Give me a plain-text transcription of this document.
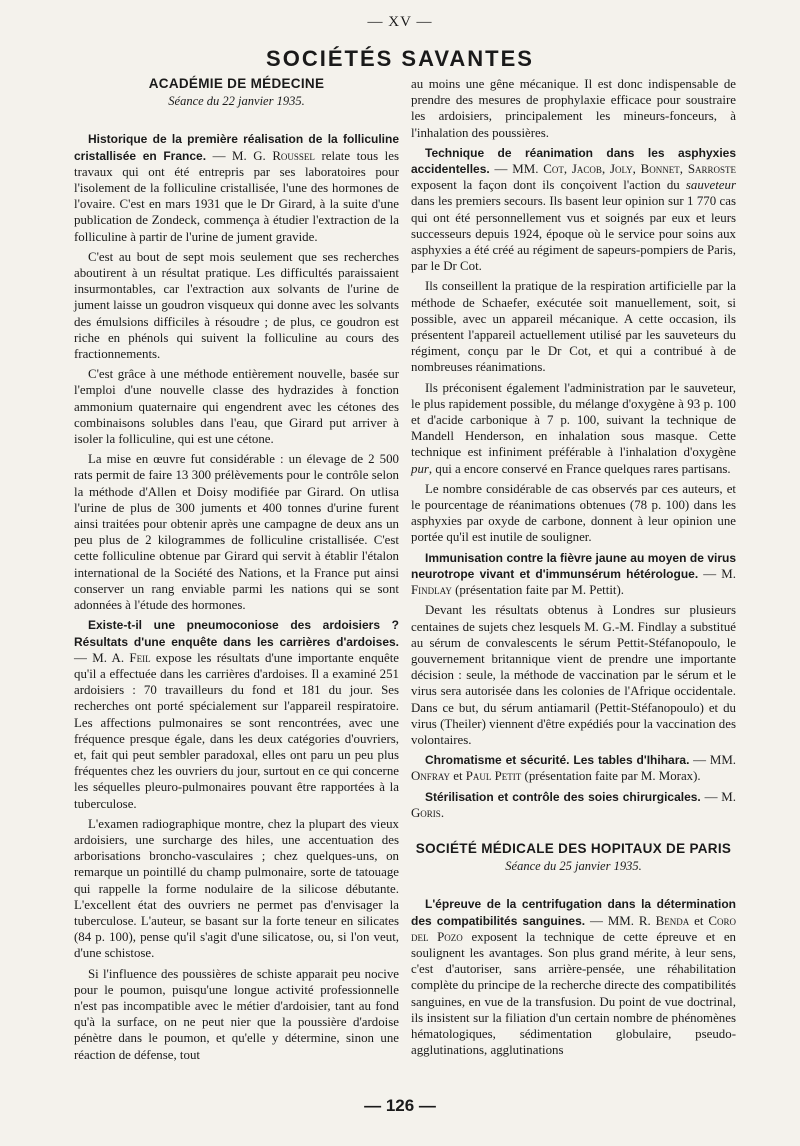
— XV —
SOCIÉTÉS SAVANTES
ACADÉMIE DE MÉDECINE
Séance du 22 janvier 1935.

Historique de la première réalisation de la folliculine cristallisée en France. — M. G. Roussel relate tous les travaux qui ont été entrepris par ses laboratoires pour l'isolement de la folliculine cristallisée, l'une des hormones de l'ovaire. C'est en mars 1931 que le Dr Girard, à la suite d'une publication de Zondeck, commença à étudier l'extraction de la folliculine à partir de l'urine de jument gravide.

C'est au bout de sept mois seulement que ses recherches aboutirent à un résultat pratique. Les difficultés paraissaient insurmontables, car l'extraction aux solvants de l'urine de jument laisse un goudron visqueux qui donne avec les solvants des émulsions difficiles à résoudre ; de plus, ce goudron est riche en phénols qui suivent la folliculine au cours des fractionnements.

C'est grâce à une méthode entièrement nouvelle, basée sur l'emploi d'une nouvelle classe des hydrazides à fonction ammonium quaternaire qui engendrent avec les cétones des combinaisons solubles dans l'eau, que Girard put arriver à isoler la folliculine, qui est une cétone.

La mise en œuvre fut considérable : un élevage de 2 500 rats permit de faire 13 300 prélèvements pour le contrôle selon la méthode d'Allen et Doisy modifiée par Girard. On utlisa l'urine de plus de 300 juments et 400 tonnes d'urine furent ainsi traitées pour obtenir après une campagne de deux ans un peu plus de 2 kilogrammes de folliculine cristallisée. C'est cette folliculine obtenue par Girard qui servit à établir l'étalon international de la Société des Nations, et la France put ainsi conserver un rang enviable parmi les nations qui se sont adonnées à l'étude des hormones.

Existe-t-il une pneumoconiose des ardoisiers ? Résultats d'une enquête dans les carrières d'ardoises. — M. A. Feil expose les résultats d'une importante enquête qu'il a effectuée dans les carrières d'ardoises. Il a examiné 251 ardoisiers : 70 travailleurs du fond et 181 du jour. Ses recherches ont porté spécialement sur l'appareil respiratoire. Les affections pulmonaires se sont rencontrées, avec une fréquence presque égale, dans les deux catégories d'ouvriers, et, fait qui peut sembler paradoxal, elles ont paru un peu plus fréquentes chez les ouvriers du jour, surtout en ce qui concerne les séquelles pleuro-pulmonaires pouvant être rapportées à la tuberculose.

L'examen radiographique montre, chez la plupart des vieux ardoisiers, une surcharge des hiles, une accentuation des arborisations broncho-vasculaires ; chez quelques-uns, on remarque un pointillé du champ pulmonaire, sorte de tatouage qui rappelle la forme nodulaire de la silicose débutante. L'excellent état des ouvriers ne permet pas d'envisager la tuberculose. L'auteur, se basant sur la forte teneur en silicates (84 p. 100), pense qu'il s'agit d'une silicatose, ou, si l'on veut, d'une schistose.

Si l'influence des poussières de schiste apparait peu nocive pour le poumon, puisqu'une longue activité professionnelle n'est pas incompatible avec le métier d'ardoisier, tant au fond qu'à la surface, on ne peut nier que la poussière d'ardoise pénètre dans le poumon, et qu'elle y détermine, sinon une réaction de défense, tout

au moins une gêne mécanique. Il est donc indispensable de prendre des mesures de prophylaxie efficace pour soustraire les ardoisiers, principalement les mineurs-fonceurs, à l'inhalation des poussières.

Technique de réanimation dans les asphyxies accidentelles. — MM. Cot, Jacob, Joly, Bonnet, Sarroste exposent la façon dont ils conçoivent l'action du sauveteur dans les premiers secours. Ils basent leur opinion sur 1 770 cas qui ont été personnellement vus et soignés par eux et leurs successeurs depuis 1924, époque où le service pour soins aux asphyxies a été créé au régiment de sapeurs-pompiers de Paris, par le Dr Cot.

Ils conseillent la pratique de la respiration artificielle par la méthode de Schaefer, exécutée soit manuellement, soit, si possible, avec un appareil mécanique. A cette occasion, ils présentent l'appareil actuellement utilisé par les sauveteurs du régiment, conçu par le Dr Cot, et qui a contribué à de nombreuses réanimations.

Ils préconisent également l'administration par le sauveteur, le plus rapidement possible, du mélange d'oxygène à 93 p. 100 et d'acide carbonique à 7 p. 100, suivant la technique de Mandell Henderson, en inhalation sous masque. Cette technique est infiniment préférable à l'inhalation d'oxygène pur, qui a encore conservé en France quelques rares partisans.

Le nombre considérable de cas observés par ces auteurs, et le pourcentage de réanimations obtenues (78 p. 100) dans les asphyxies par oxyde de carbone, donnent à leur opinion une portée qu'il est inutile de souligner.

Immunisation contre la fièvre jaune au moyen de virus neurotrope vivant et d'immunsérum hétérologue. — M. Findlay (présentation faite par M. Pettit).

Devant les résultats obtenus à Londres sur plusieurs centaines de sujets chez lesquels M. G.-M. Findlay a substitué au sérum de convalescents le sérum Pettit-Stéfanopoulo, le gouvernement britannique vient de prendre une importante décision : seule, la méthode de vaccination par le sérum et le virus sera autorisée dans les colonies de l'Afrique occidentale. Dans ce but, du sérum antiamaril (Pettit-Stéfanopoulo) et du virus (Theiler) viennent d'être expédiés pour la vaccination des volontaires.

Chromatisme et sécurité. Les tables d'Ihihara. — MM. Onfray et Paul Petit (présentation faite par M. Morax).

Stérilisation et contrôle des soies chirurgicales. — M. Goris.

SOCIÉTÉ MÉDICALE DES HOPITAUX DE PARIS
Séance du 25 janvier 1935.

L'épreuve de la centrifugation dans la détermination des compatibilités sanguines. — MM. R. Benda et Coro del Pozo exposent la technique de cette épreuve et en soulignent les avantages. Son plus grand mérite, à leur sens, c'est d'autoriser, sans arrière-pensée, une réhabilitation complète du principe de la recherche directe des compatibilités sanguines, en vue de la transfusion. Du point de vue doctrinal, ils insistent sur la filiation d'un certain nombre de phénomènes hématologiques, sédimentation globulaire, pseudo-agglutinations, agglutinations

— 126 —
